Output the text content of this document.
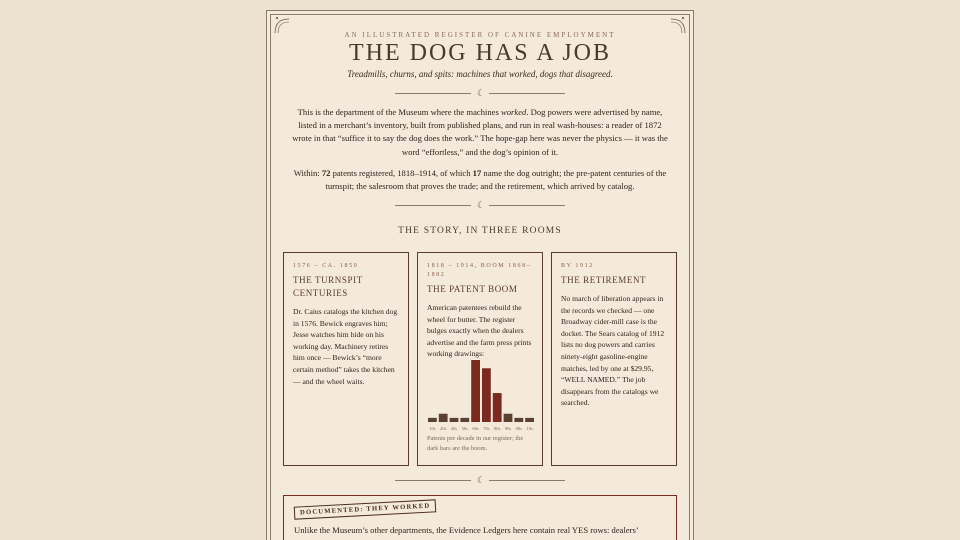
AN ILLUSTRATED REGISTER OF CANINE EMPLOYMENT
THE DOG HAS A JOB
Treadmills, churns, and spits: machines that worked, dogs that disagreed.
☾

This is the department of the Museum where the machines worked. Dog powers were advertised by name, listed in a merchant’s inventory, built from published plans, and run in real wash-houses: a reader of 1872 wrote in that “suffice it to say the dog does the work.” The hope-gap here was never the physics — it was the word “effortless,” and the dog’s opinion of it.

Within: 72 patents registered, 1818–1914, of which 17 name the dog outright; the pre-patent centuries of the turnspit; the salesroom that proves the trade; and the retirement, which arrived by catalog.

☾
THE STORY, IN THREE ROOMS
1576 – CA. 1850
THE TURNSPIT CENTURIES
Dr. Caius catalogs the kitchen dog in 1576. Bewick engraves him; Jesse watches him hide on his working day. Machinery retires him once — Bewick’s “more certain method” takes the kitchen — and the wheel waits.
1818 – 1914, BOOM 1868–1882
THE PATENT BOOM
American patentees rebuild the wheel for butter. The register bulges exactly when the dealers advertise and the farm press prints working drawings:
BY 1912
THE RETIREMENT
No march of liberation appears in the records we checked — one Broadway cider-mill case is the docket. The Sears catalog of 1912 lists no dog powers and carries ninety-eight gasoline-engine matches, led by one at $29.95, “WELL NAMED.” The job disappears from the catalogs we searched.
10s 20s 40s 50s 60s 70s 80s 90s 00s 10s
Patents per decade in our register; the dark bars are the boom.
☾
DOCUMENTED: THEY WORKED
Unlike the Museum’s other departments, the Evidence Ledgers here contain real YES rows: dealers’
